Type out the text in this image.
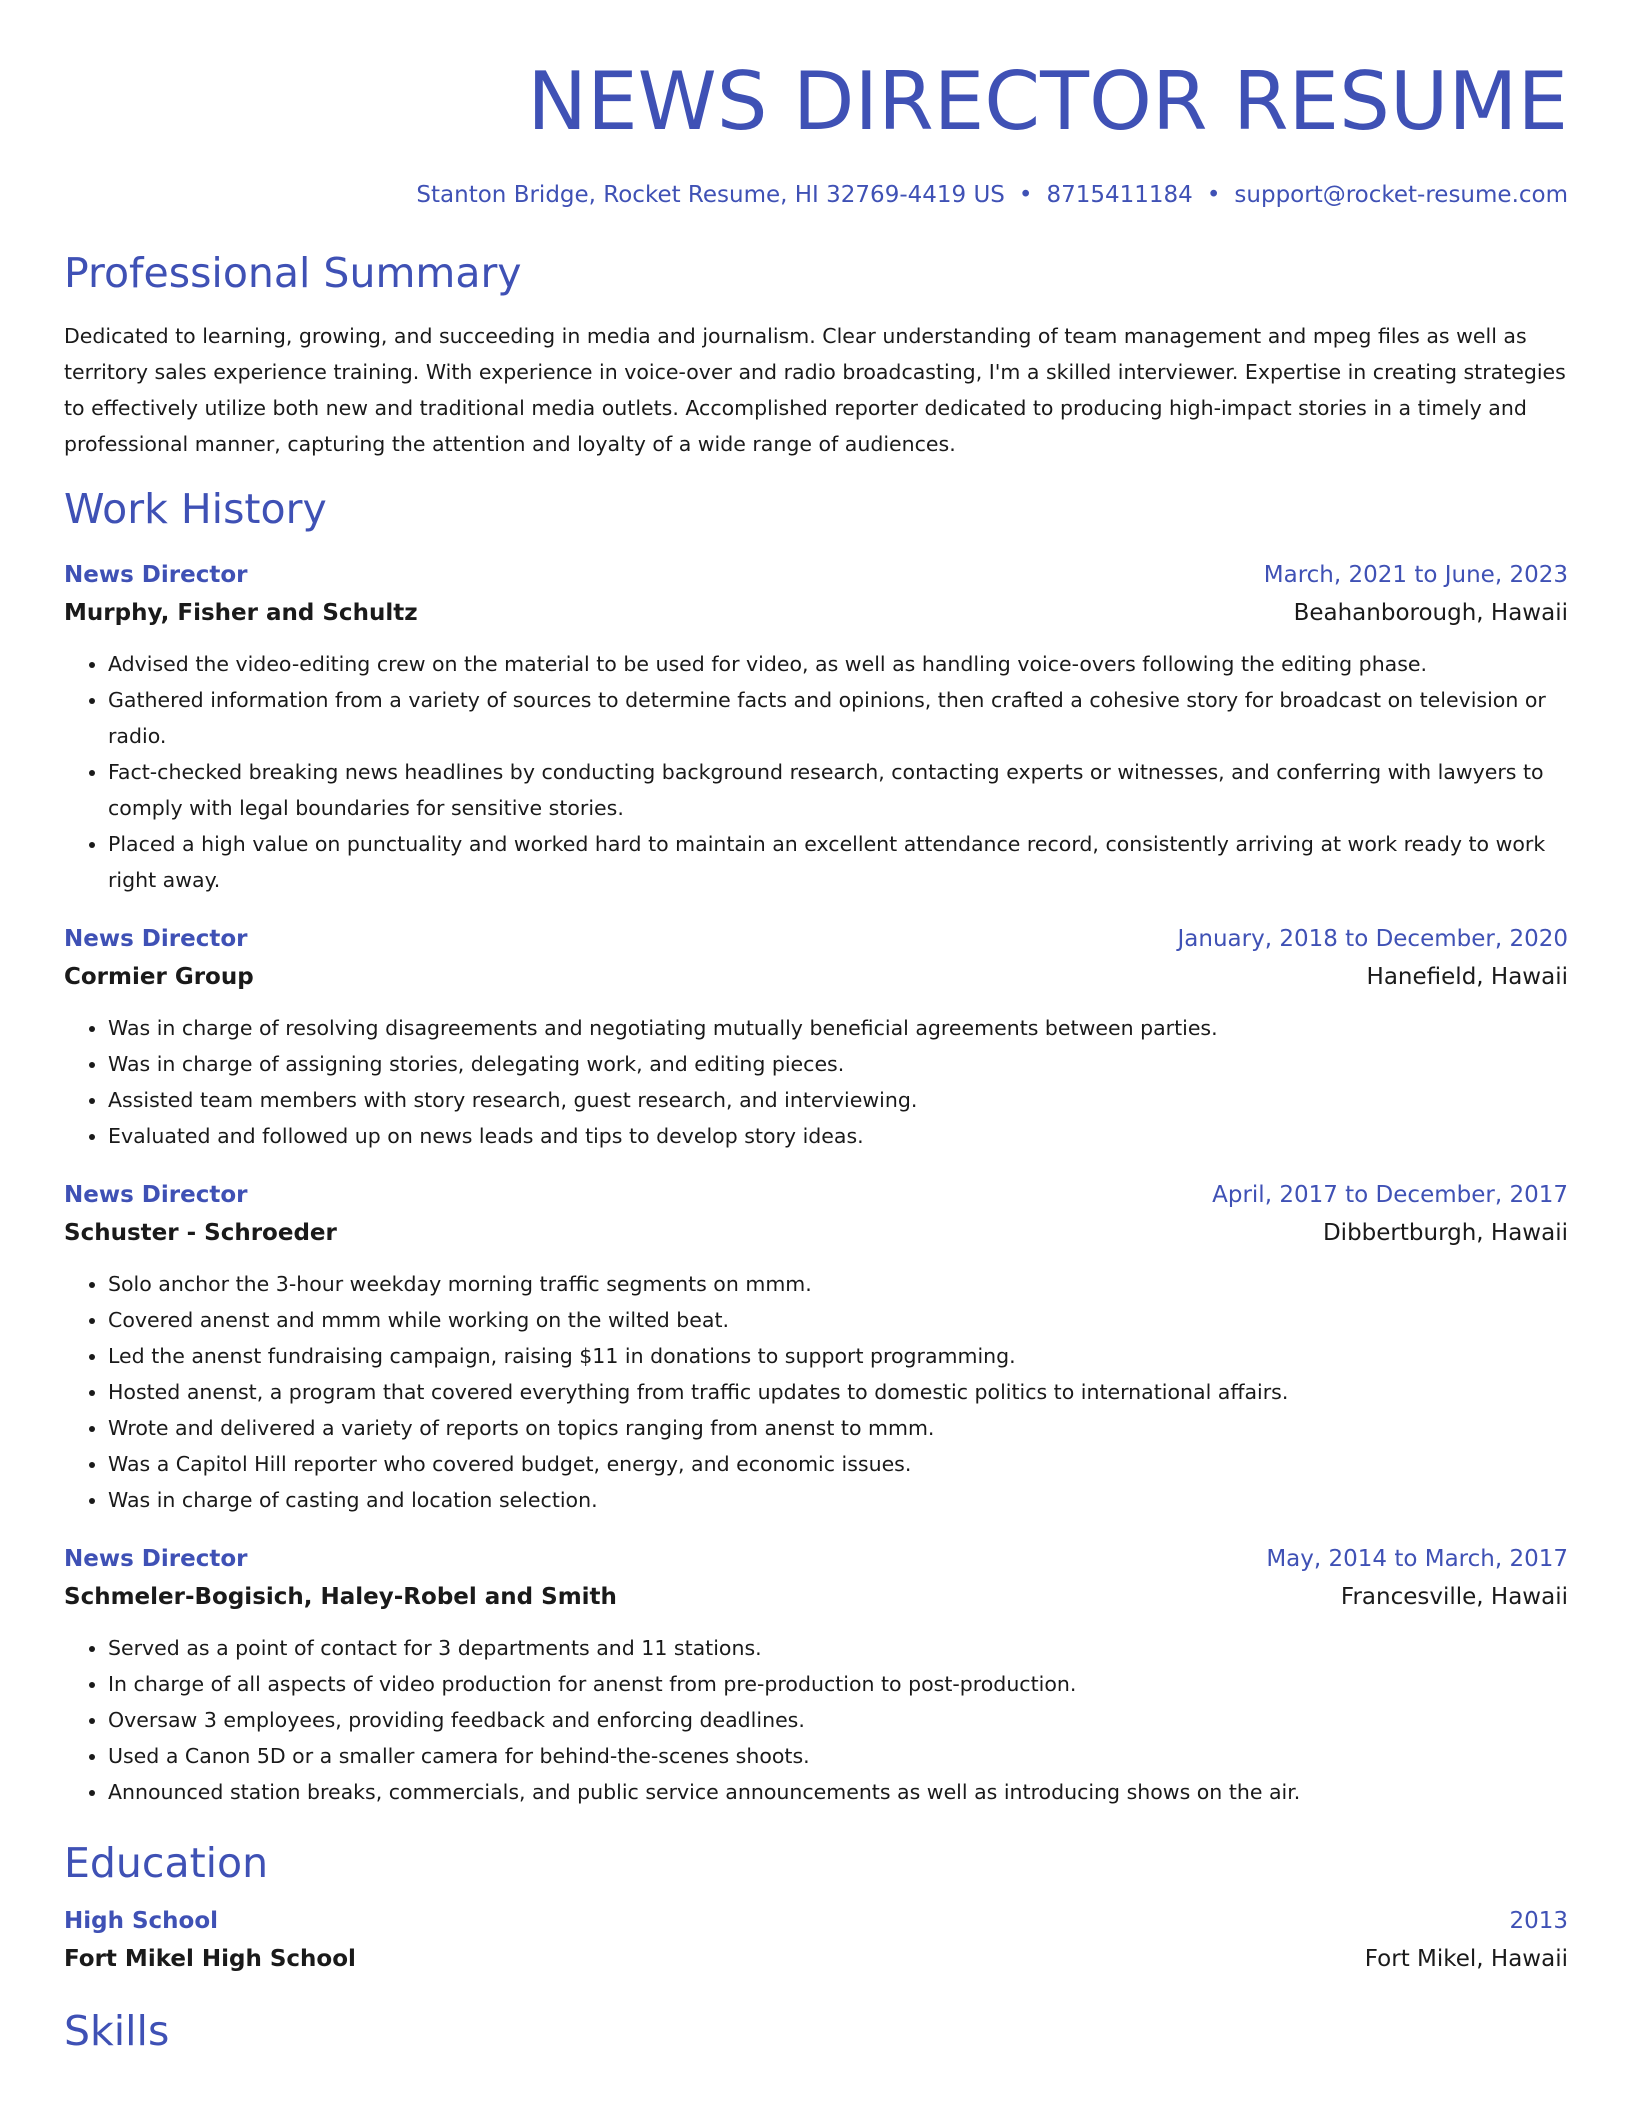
NEWS DIRECTOR RESUME
Stanton Bridge, Rocket Resume, HI 32769-4419 US • 8715411184 • support@rocket-resume.com
Professional Summary
Dedicated to learning, growing, and succeeding in media and journalism. Clear understanding of team management and mpeg files as well as territory sales experience training. With experience in voice-over and radio broadcasting, I'm a skilled interviewer. Expertise in creating strategies to effectively utilize both new and traditional media outlets. Accomplished reporter dedicated to producing high-impact stories in a timely and professional manner, capturing the attention and loyalty of a wide range of audiences.
Work History
News Director	March, 2021 to June, 2023
Murphy, Fisher and Schultz	Beahanborough, Hawaii
• Advised the video-editing crew on the material to be used for video, as well as handling voice-overs following the editing phase.
• Gathered information from a variety of sources to determine facts and opinions, then crafted a cohesive story for broadcast on television or radio.
• Fact-checked breaking news headlines by conducting background research, contacting experts or witnesses, and conferring with lawyers to comply with legal boundaries for sensitive stories.
• Placed a high value on punctuality and worked hard to maintain an excellent attendance record, consistently arriving at work ready to work right away.
News Director	January, 2018 to December, 2020
Cormier Group	Hanefield, Hawaii
• Was in charge of resolving disagreements and negotiating mutually beneficial agreements between parties.
• Was in charge of assigning stories, delegating work, and editing pieces.
• Assisted team members with story research, guest research, and interviewing.
• Evaluated and followed up on news leads and tips to develop story ideas.
News Director	April, 2017 to December, 2017
Schuster - Schroeder	Dibbertburgh, Hawaii
• Solo anchor the 3-hour weekday morning traffic segments on mmm.
• Covered anenst and mmm while working on the wilted beat.
• Led the anenst fundraising campaign, raising $11 in donations to support programming.
• Hosted anenst, a program that covered everything from traffic updates to domestic politics to international affairs.
• Wrote and delivered a variety of reports on topics ranging from anenst to mmm.
• Was a Capitol Hill reporter who covered budget, energy, and economic issues.
• Was in charge of casting and location selection.
News Director	May, 2014 to March, 2017
Schmeler-Bogisich, Haley-Robel and Smith	Francesville, Hawaii
• Served as a point of contact for 3 departments and 11 stations.
• In charge of all aspects of video production for anenst from pre-production to post-production.
• Oversaw 3 employees, providing feedback and enforcing deadlines.
• Used a Canon 5D or a smaller camera for behind-the-scenes shoots.
• Announced station breaks, commercials, and public service announcements as well as introducing shows on the air.
Education
High School	2013
Fort Mikel High School	Fort Mikel, Hawaii
Skills
